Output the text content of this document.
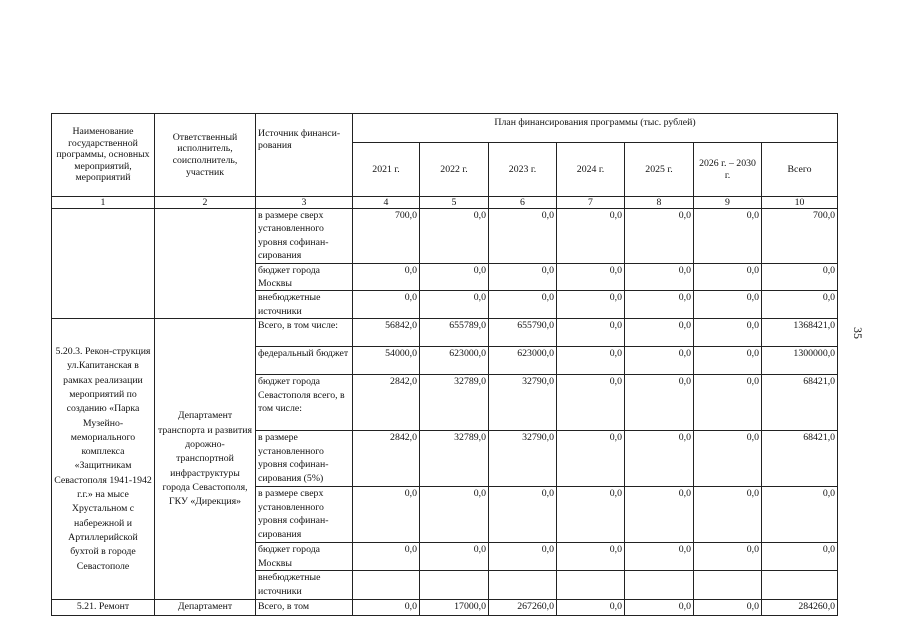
35
Наименование государственной программы, основных мероприятий, мероприятий	Ответственный исполнитель, соисполнитель, участник	Источник финанси-рования	План финансирования программы (тыс. рублей)						
			2021 г.	2022 г.	2023 г.	2024 г.	2025 г.	2026 г. – 2030 г.	Всего
1	2	3	4	5	6	7	8	9	10
		в размере сверх установленного уровня софинан-сирования	700,0	0,0	0,0	0,0	0,0	0,0	700,0
		бюджет города Москвы	0,0	0,0	0,0	0,0	0,0	0,0	0,0
		внебюджетные источники	0,0	0,0	0,0	0,0	0,0	0,0	0,0
5.20.3. Рекон-струкция ул.Капитанская в рамках реализации мероприятий по созданию «Парка Музейно-мемориального комплекса «Защитникам Севастополя 1941-1942 г.г.» на мысе Хрустальном с набережной и Артиллерийской бухтой в городе Севастополе	Департамент транспорта и развития дорожно-транспортной инфраструктуры города Севастополя, ГКУ «Дирекция»	Всего, в том числе:	56842,0	655789,0	655790,0	0,0	0,0	0,0	1368421,0
		федеральный бюджет	54000,0	623000,0	623000,0	0,0	0,0	0,0	1300000,0
		бюджет города Севастополя всего, в том числе:	2842,0	32789,0	32790,0	0,0	0,0	0,0	68421,0
		в размере установленного уровня софинан-сирования (5%)	2842,0	32789,0	32790,0	0,0	0,0	0,0	68421,0
		в размере сверх установленного уровня софинан-сирования	0,0	0,0	0,0	0,0	0,0	0,0	0,0
		бюджет города Москвы	0,0	0,0	0,0	0,0	0,0	0,0	0,0
		внебюджетные источники							
5.21. Ремонт	Департамент	Всего, в том	0,0	17000,0	267260,0	0,0	0,0	0,0	284260,0
